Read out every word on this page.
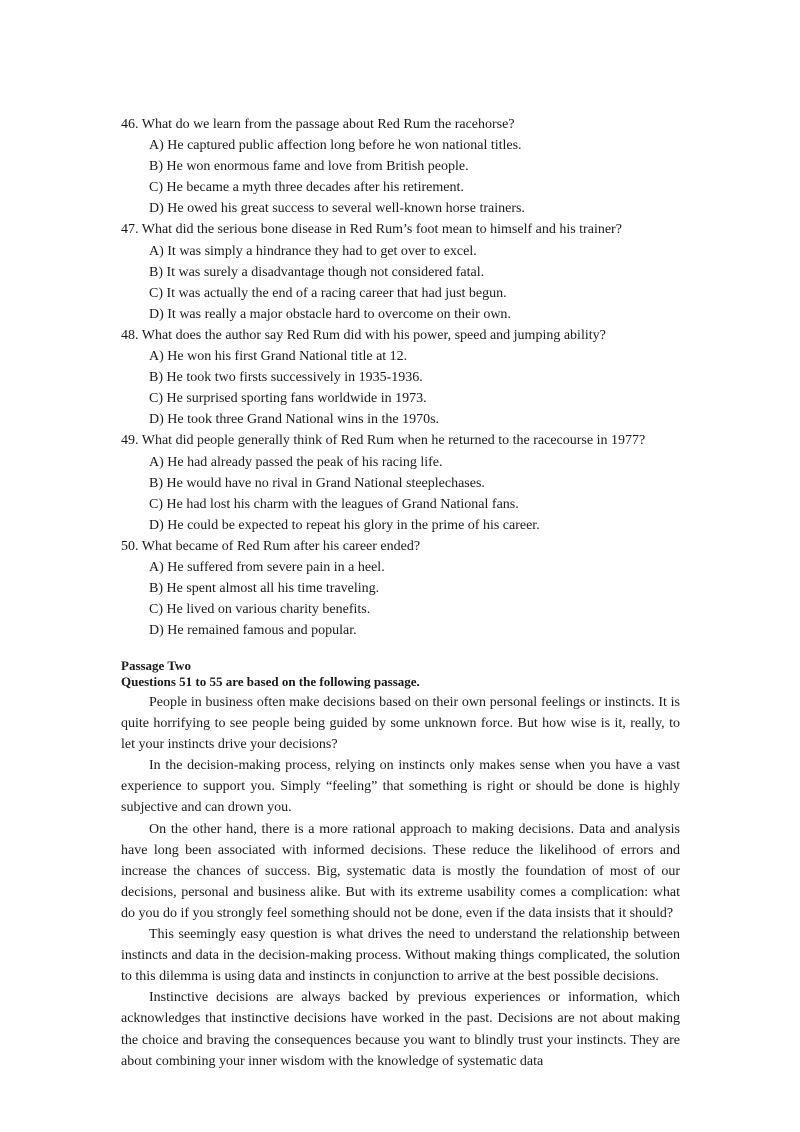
46. What do we learn from the passage about Red Rum the racehorse?
A) He captured public affection long before he won national titles.
B) He won enormous fame and love from British people.
C) He became a myth three decades after his retirement.
D) He owed his great success to several well-known horse trainers.
47. What did the serious bone disease in Red Rum’s foot mean to himself and his trainer?
A) It was simply a hindrance they had to get over to excel.
B) It was surely a disadvantage though not considered fatal.
C) It was actually the end of a racing career that had just begun.
D) It was really a major obstacle hard to overcome on their own.
48. What does the author say Red Rum did with his power, speed and jumping ability?
A) He won his first Grand National title at 12.
B) He took two firsts successively in 1935-1936.
C) He surprised sporting fans worldwide in 1973.
D) He took three Grand National wins in the 1970s.
49. What did people generally think of Red Rum when he returned to the racecourse in 1977?
A) He had already passed the peak of his racing life.
B) He would have no rival in Grand National steeplechases.
C) He had lost his charm with the leagues of Grand National fans.
D) He could be expected to repeat his glory in the prime of his career.
50. What became of Red Rum after his career ended?
A) He suffered from severe pain in a heel.
B) He spent almost all his time traveling.
C) He lived on various charity benefits.
D) He remained famous and popular.
Passage Two
Questions 51 to 55 are based on the following passage.

People in business often make decisions based on their own personal feelings or instincts. It is quite horrifying to see people being guided by some unknown force. But how wise is it, really, to let your instincts drive your decisions?

In the decision-making process, relying on instincts only makes sense when you have a vast experience to support you. Simply “feeling” that something is right or should be done is highly subjective and can drown you.

On the other hand, there is a more rational approach to making decisions. Data and analysis have long been associated with informed decisions. These reduce the likelihood of errors and increase the chances of success. Big, systematic data is mostly the foundation of most of our decisions, personal and business alike. But with its extreme usability comes a complication: what do you do if you strongly feel something should not be done, even if the data insists that it should?

This seemingly easy question is what drives the need to understand the relationship between instincts and data in the decision-making process. Without making things complicated, the solution to this dilemma is using data and instincts in conjunction to arrive at the best possible decisions.

Instinctive decisions are always backed by previous experiences or information, which acknowledges that instinctive decisions have worked in the past. Decisions are not about making the choice and braving the consequences because you want to blindly trust your instincts. They are about combining your inner wisdom with the knowledge of systematic data
